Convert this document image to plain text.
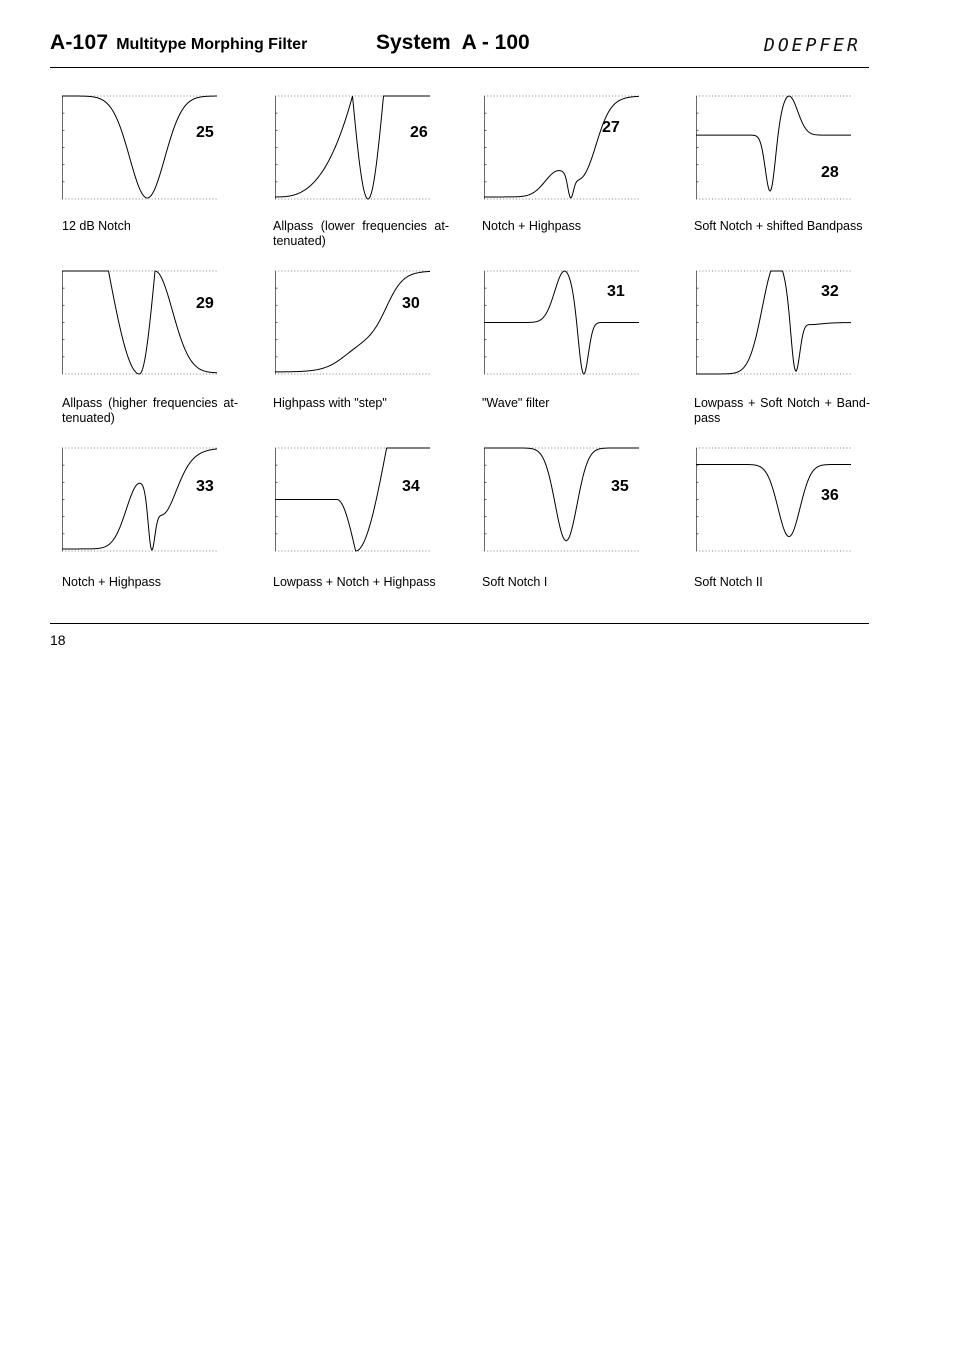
A-107 Multitype Morphing Filter	System  A - 100	DOEPFER
25
12 dB Notch
26
Allpass (lower frequencies at-tenuated)
27
Notch + Highpass
28
Soft Notch + shifted Bandpass
29
Allpass (higher frequencies at-tenuated)
30
Highpass with "step"
31
"Wave" filter
32
Lowpass + Soft Notch + Band-pass
33
Notch + Highpass
34
Lowpass + Notch + Highpass
35
Soft Notch I
36
Soft Notch II
18
